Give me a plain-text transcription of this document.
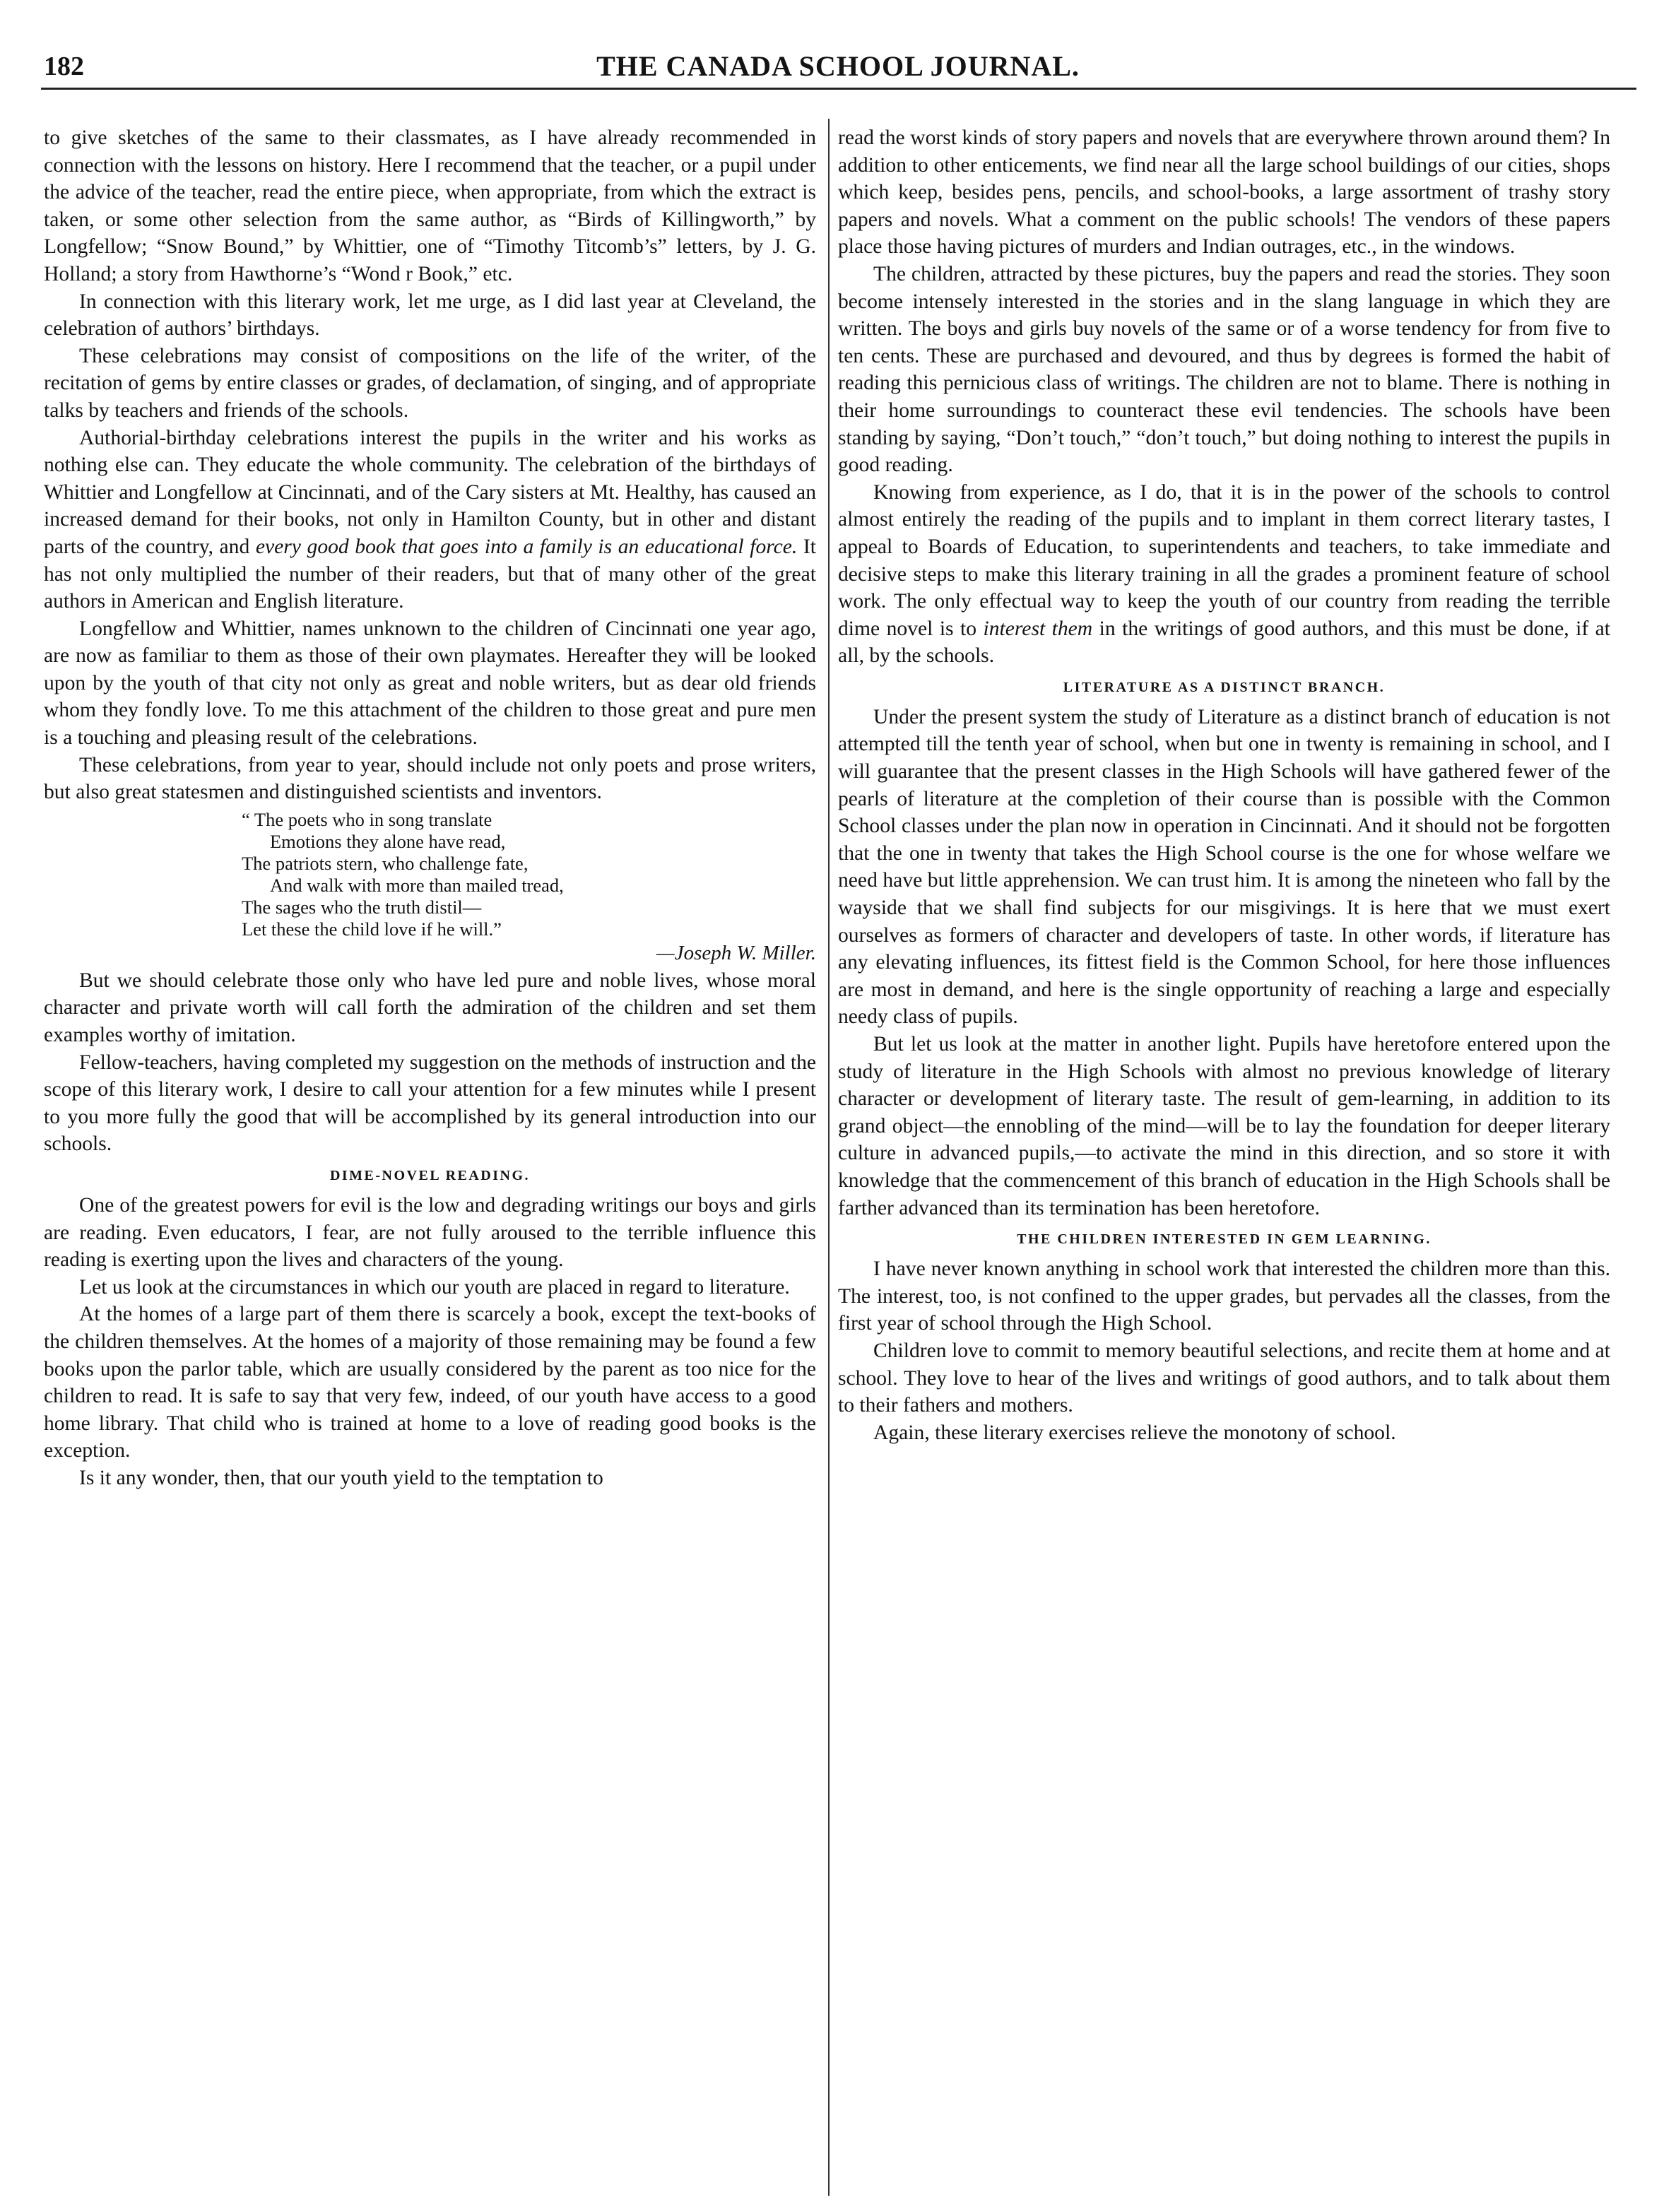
182	THE CANADA SCHOOL JOURNAL.

to give sketches of the same to their classmates, as I have already recommended in connection with the lessons on history. Here I recommend that the teacher, or a pupil under the advice of the teacher, read the entire piece, when appropriate, from which the extract is taken, or some other selection from the same author, as “Birds of Killingworth,” by Longfellow; “Snow Bound,” by Whittier, one of “Timothy Titcomb’s” letters, by J. G. Holland; a story from Hawthorne’s “Wond r Book,” etc.

In connection with this literary work, let me urge, as I did last year at Cleveland, the celebration of authors’ birthdays.

These celebrations may consist of compositions on the life of the writer, of the recitation of gems by entire classes or grades, of declamation, of singing, and of appropriate talks by teachers and friends of the schools.

Authorial-birthday celebrations interest the pupils in the writer and his works as nothing else can. They educate the whole community. The celebration of the birthdays of Whittier and Longfellow at Cincinnati, and of the Cary sisters at Mt. Healthy, has caused an increased demand for their books, not only in Hamilton County, but in other and distant parts of the country, and every good book that goes into a family is an educational force. It has not only multiplied the number of their readers, but that of many other of the great authors in American and English literature.

Longfellow and Whittier, names unknown to the children of Cincinnati one year ago, are now as familiar to them as those of their own playmates. Hereafter they will be looked upon by the youth of that city not only as great and noble writers, but as dear old friends whom they fondly love. To me this attachment of the children to those great and pure men is a touching and pleasing result of the celebrations.

These celebrations, from year to year, should include not only poets and prose writers, but also great statesmen and distinguished scientists and inventors.

“ The poets who in song translate
Emotions they alone have read,
The patriots stern, who challenge fate,
And walk with more than mailed tread,
The sages who the truth distil—
Let these the child love if he will.”
—Joseph W. Miller.

But we should celebrate those only who have led pure and noble lives, whose moral character and private worth will call forth the admiration of the children and set them examples worthy of imitation.

Fellow-teachers, having completed my suggestion on the methods of instruction and the scope of this literary work, I desire to call your attention for a few minutes while I present to you more fully the good that will be accomplished by its general introduction into our schools.

DIME-NOVEL READING.

One of the greatest powers for evil is the low and degrading writings our boys and girls are reading. Even educators, I fear, are not fully aroused to the terrible influence this reading is exerting upon the lives and characters of the young.

Let us look at the circumstances in which our youth are placed in regard to literature.

At the homes of a large part of them there is scarcely a book, except the text-books of the children themselves. At the homes of a majority of those remaining may be found a few books upon the parlor table, which are usually considered by the parent as too nice for the children to read. It is safe to say that very few, indeed, of our youth have access to a good home library. That child who is trained at home to a love of reading good books is the exception.

Is it any wonder, then, that our youth yield to the temptation to

read the worst kinds of story papers and novels that are everywhere thrown around them? In addition to other enticements, we find near all the large school buildings of our cities, shops which keep, besides pens, pencils, and school-books, a large assortment of trashy story papers and novels. What a comment on the public schools! The vendors of these papers place those having pictures of murders and Indian outrages, etc., in the windows.

The children, attracted by these pictures, buy the papers and read the stories. They soon become intensely interested in the stories and in the slang language in which they are written. The boys and girls buy novels of the same or of a worse tendency for from five to ten cents. These are purchased and devoured, and thus by degrees is formed the habit of reading this pernicious class of writings. The children are not to blame. There is nothing in their home surroundings to counteract these evil tendencies. The schools have been standing by saying, “Don’t touch,” “don’t touch,” but doing nothing to interest the pupils in good reading.

Knowing from experience, as I do, that it is in the power of the schools to control almost entirely the reading of the pupils and to implant in them correct literary tastes, I appeal to Boards of Education, to superintendents and teachers, to take immediate and decisive steps to make this literary training in all the grades a prominent feature of school work. The only effectual way to keep the youth of our country from reading the terrible dime novel is to interest them in the writings of good authors, and this must be done, if at all, by the schools.

LITERATURE AS A DISTINCT BRANCH.

Under the present system the study of Literature as a distinct branch of education is not attempted till the tenth year of school, when but one in twenty is remaining in school, and I will guarantee that the present classes in the High Schools will have gathered fewer of the pearls of literature at the completion of their course than is possible with the Common School classes under the plan now in operation in Cincinnati. And it should not be forgotten that the one in twenty that takes the High School course is the one for whose welfare we need have but little apprehension. We can trust him. It is among the nineteen who fall by the wayside that we shall find subjects for our misgivings. It is here that we must exert ourselves as formers of character and developers of taste. In other words, if literature has any elevating influences, its fittest field is the Common School, for here those influences are most in demand, and here is the single opportunity of reaching a large and especially needy class of pupils.

But let us look at the matter in another light. Pupils have heretofore entered upon the study of literature in the High Schools with almost no previous knowledge of literary character or development of literary taste. The result of gem-learning, in addition to its grand object—the ennobling of the mind—will be to lay the foundation for deeper literary culture in advanced pupils,—to activate the mind in this direction, and so store it with knowledge that the commencement of this branch of education in the High Schools shall be farther advanced than its termination has been heretofore.

THE CHILDREN INTERESTED IN GEM LEARNING.

I have never known anything in school work that interested the children more than this. The interest, too, is not confined to the upper grades, but pervades all the classes, from the first year of school through the High School.

Children love to commit to memory beautiful selections, and recite them at home and at school. They love to hear of the lives and writings of good authors, and to talk about them to their fathers and mothers.

Again, these literary exercises relieve the monotony of school.
